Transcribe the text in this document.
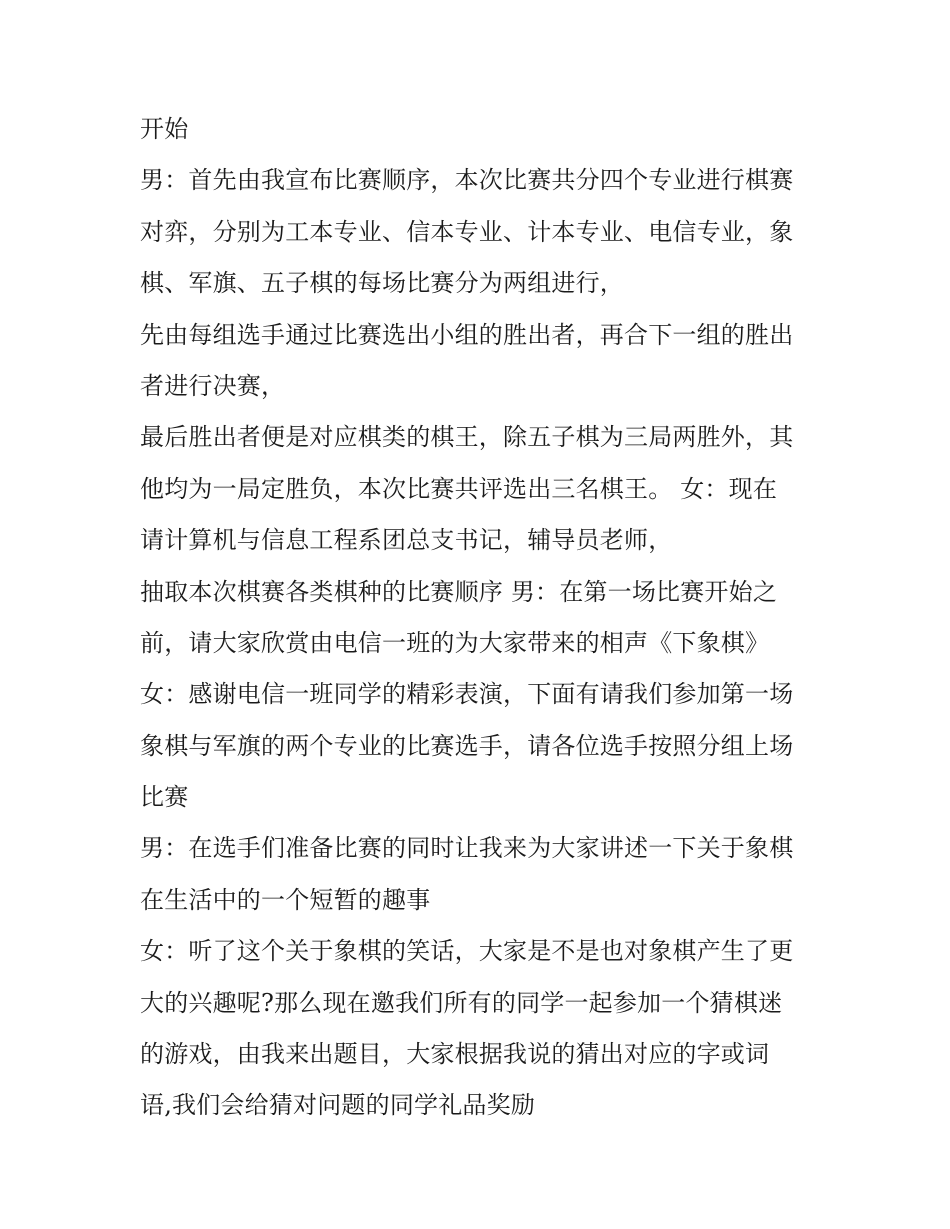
开始
男：首先由我宣布比赛顺序，本次比赛共分四个专业进行棋赛
对弈，分别为工本专业、信本专业、计本专业、电信专业，象
棋、军旗、五子棋的每场比赛分为两组进行，
先由每组选手通过比赛选出小组的胜出者，再合下一组的胜出
者进行决赛，
最后胜出者便是对应棋类的棋王，除五子棋为三局两胜外，其
他均为一局定胜负，本次比赛共评选出三名棋王。 女：现在
请计算机与信息工程系团总支书记，辅导员老师，
抽取本次棋赛各类棋种的比赛顺序 男：在第一场比赛开始之
前，请大家欣赏由电信一班的为大家带来的相声《下象棋》
女：感谢电信一班同学的精彩表演，下面有请我们参加第一场
象棋与军旗的两个专业的比赛选手，请各位选手按照分组上场
比赛
男：在选手们准备比赛的同时让我来为大家讲述一下关于象棋
在生活中的一个短暂的趣事
女：听了这个关于象棋的笑话，大家是不是也对象棋产生了更
大的兴趣呢?那么现在邀我们所有的同学一起参加一个猜棋迷
的游戏，由我来出题目，大家根据我说的猜出对应的字或词
语,我们会给猜对问题的同学礼品奖励
